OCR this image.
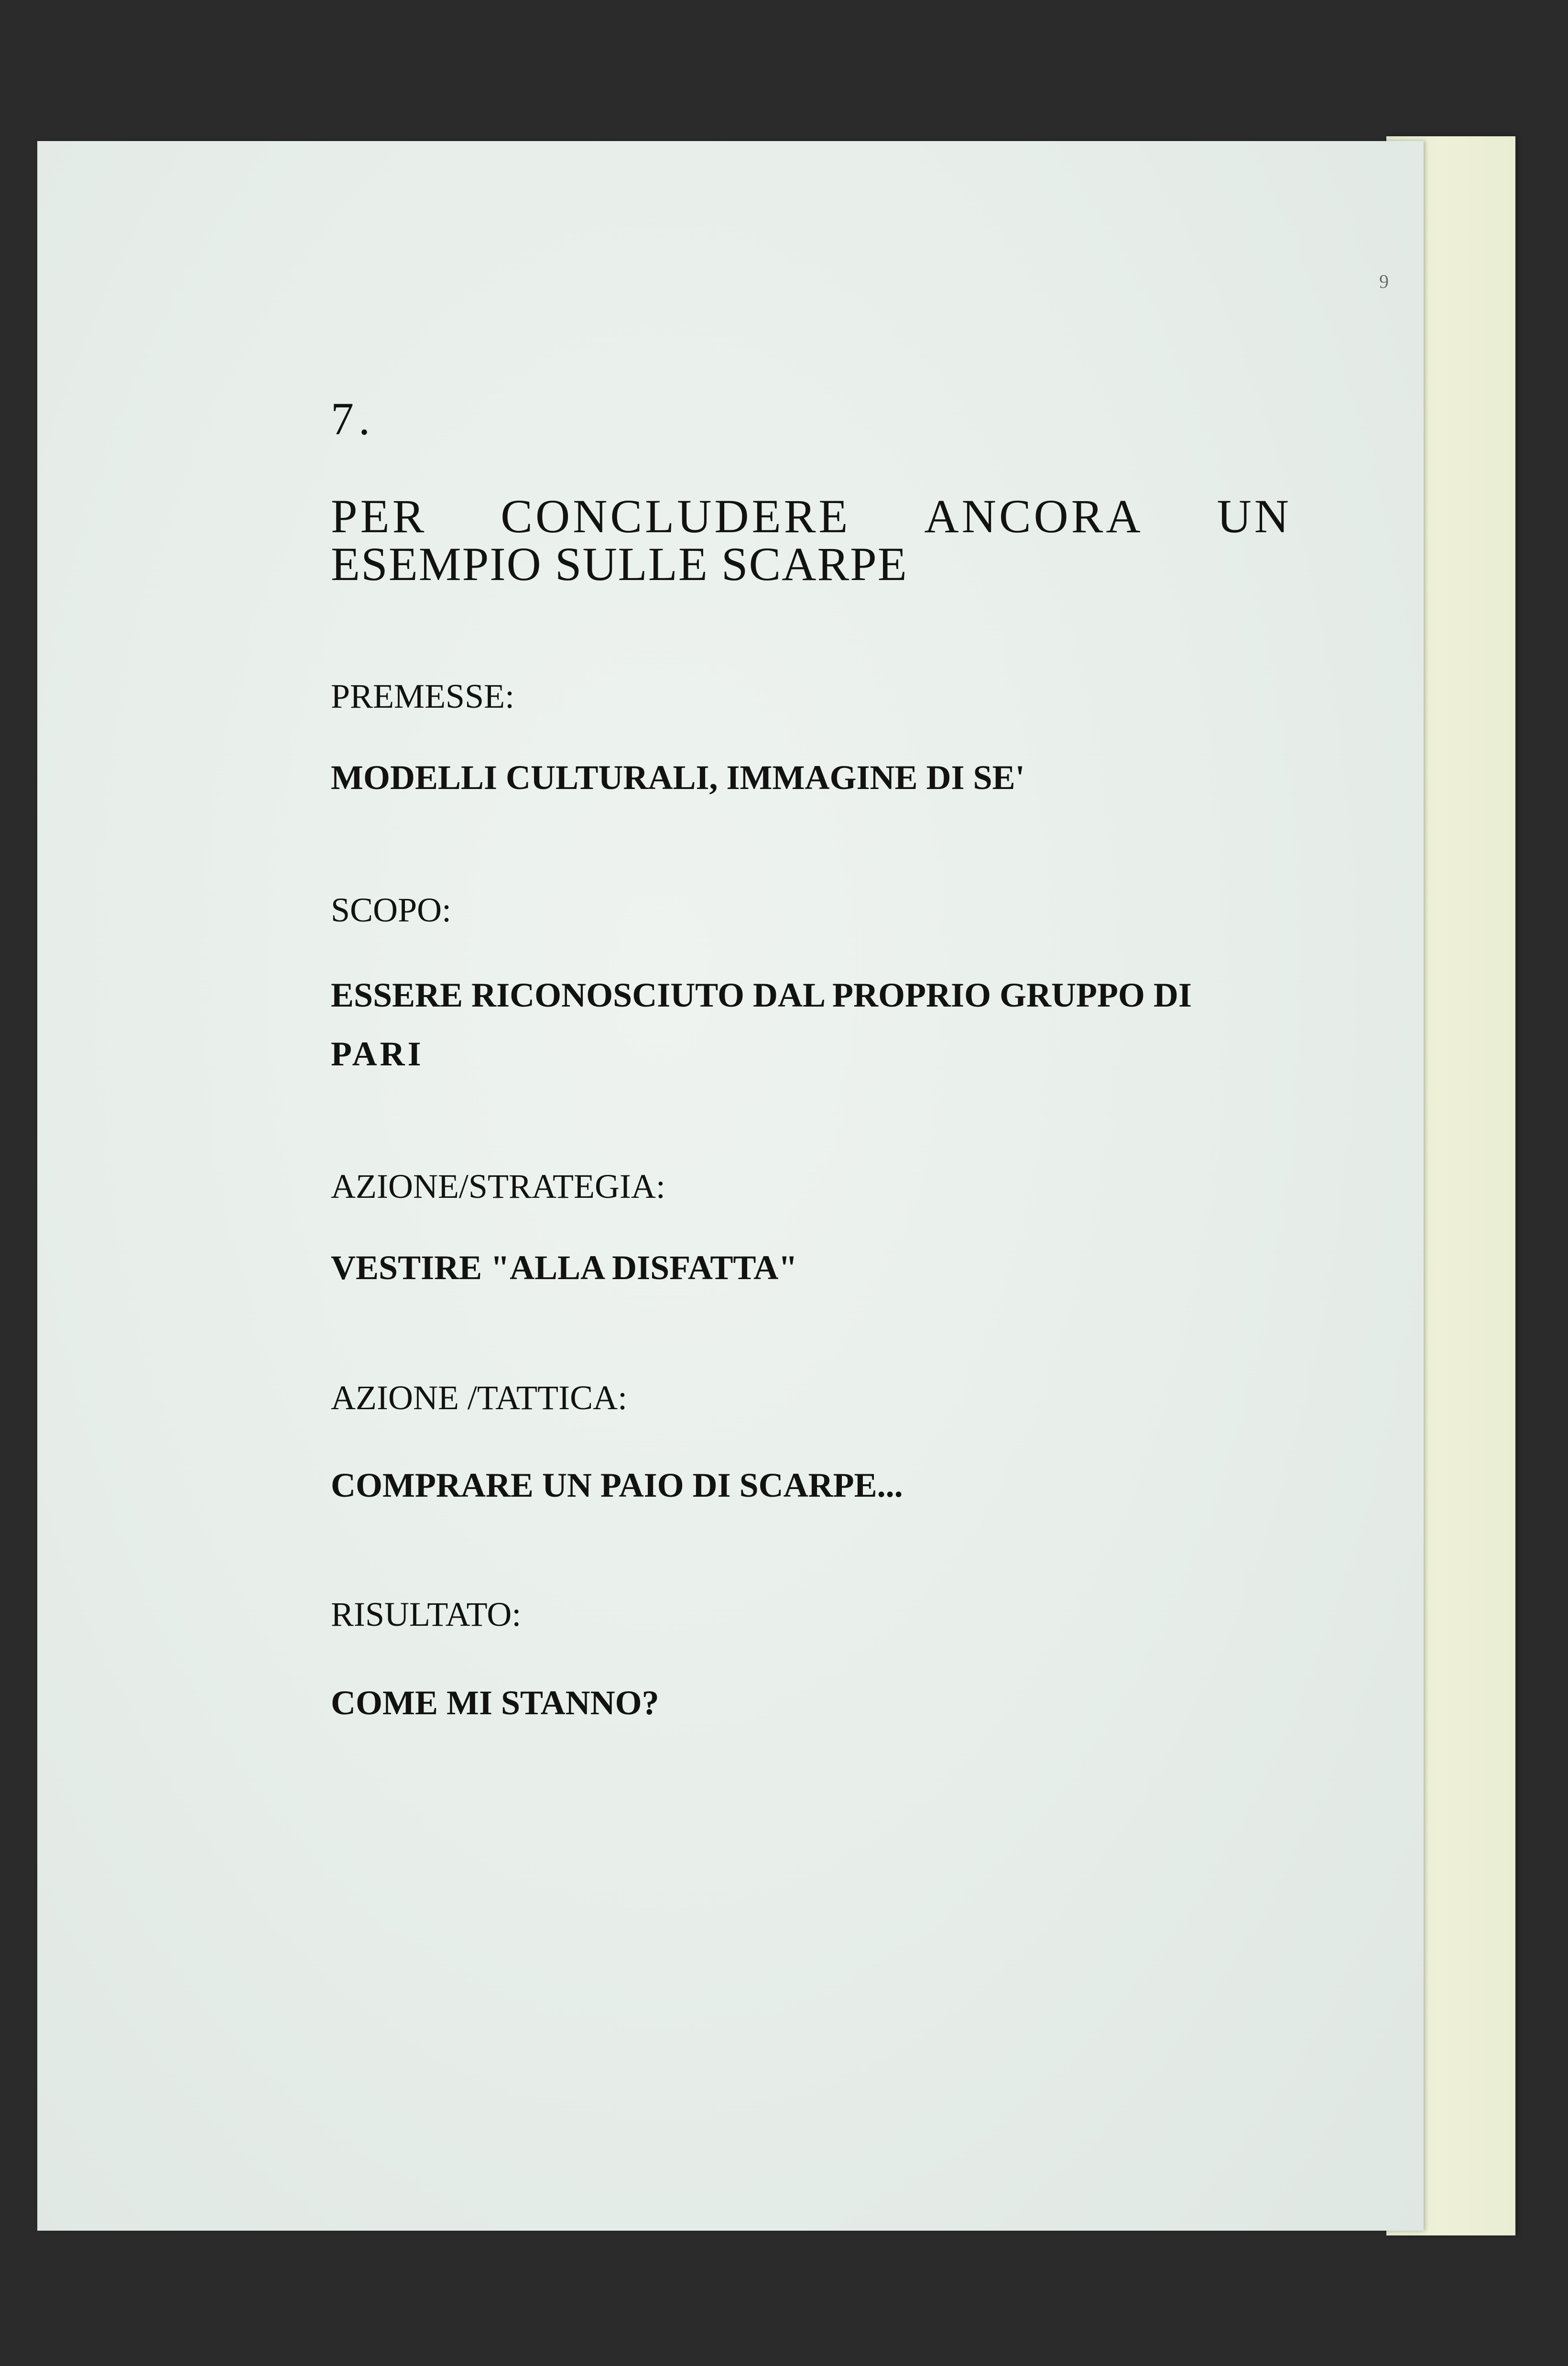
9
7.
PER CONCLUDERE ANCORA UN
ESEMPIO SULLE SCARPE
PREMESSE:
MODELLI CULTURALI, IMMAGINE DI SE'
SCOPO:
ESSERE RICONOSCIUTO DAL PROPRIO GRUPPO DI
PARI
AZIONE/STRATEGIA:
VESTIRE "ALLA DISFATTA"
AZIONE /TATTICA:
COMPRARE UN PAIO DI SCARPE...
RISULTATO:
COME MI STANNO?
